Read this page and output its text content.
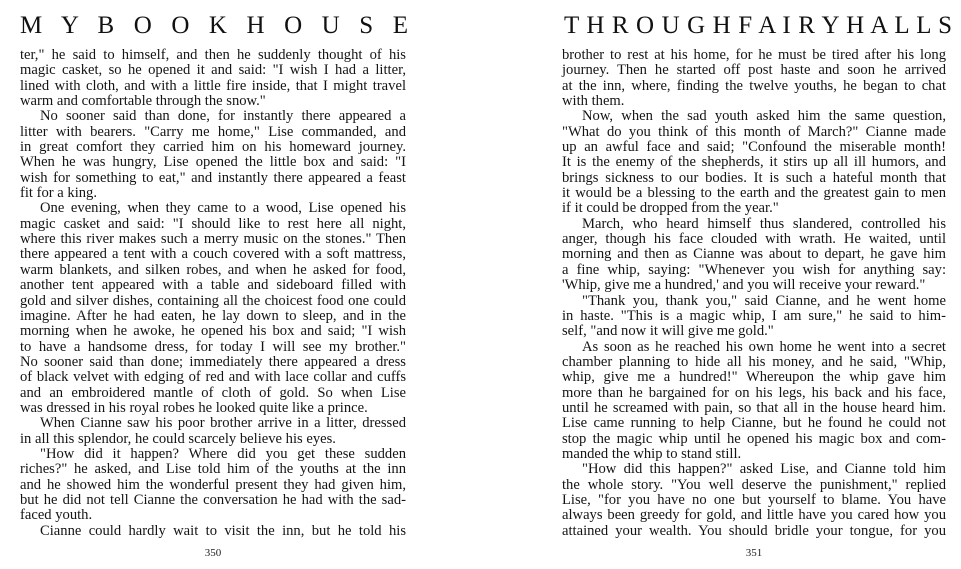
M Y B O O K H O U S E
ter," he said to himself, and then he suddenly thought of his
magic casket, so he opened it and said: "I wish I had a litter,
lined with cloth, and with a little fire inside, that I might travel
warm and comfortable through the snow."
No sooner said than done, for instantly there appeared a
litter with bearers. "Carry me home," Lise commanded, and
in great comfort they carried him on his homeward journey.
When he was hungry, Lise opened the little box and said: "I
wish for something to eat," and instantly there appeared a feast
fit for a king.
One evening, when they came to a wood, Lise opened his
magic casket and said: "I should like to rest here all night,
where this river makes such a merry music on the stones." Then
there appeared a tent with a couch covered with a soft mattress,
warm blankets, and silken robes, and when he asked for food,
another tent appeared with a table and sideboard filled with
gold and silver dishes, containing all the choicest food one could
imagine. After he had eaten, he lay down to sleep, and in the
morning when he awoke, he opened his box and said; "I wish
to have a handsome dress, for today I will see my brother."
No sooner said than done; immediately there appeared a dress
of black velvet with edging of red and with lace collar and cuffs
and an embroidered mantle of cloth of gold. So when Lise
was dressed in his royal robes he looked quite like a prince.
When Cianne saw his poor brother arrive in a litter, dressed
in all this splendor, he could scarcely believe his eyes.
"How did it happen? Where did you get these sudden
riches?" he asked, and Lise told him of the youths at the inn
and he showed him the wonderful present they had given him,
but he did not tell Cianne the conversation he had with the sad-
faced youth.
Cianne could hardly wait to visit the inn, but he told his
350
T H R O U G H F A I R Y H A L L S
brother to rest at his home, for he must be tired after his long
journey. Then he started off post haste and soon he arrived
at the inn, where, finding the twelve youths, he began to chat
with them.
Now, when the sad youth asked him the same question,
"What do you think of this month of March?" Cianne made
up an awful face and said; "Confound the miserable month!
It is the enemy of the shepherds, it stirs up all ill humors, and
brings sickness to our bodies. It is such a hateful month that
it would be a blessing to the earth and the greatest gain to men
if it could be dropped from the year."
March, who heard himself thus slandered, controlled his
anger, though his face clouded with wrath. He waited, until
morning and then as Cianne was about to depart, he gave him
a fine whip, saying: "Whenever you wish for anything say:
'Whip, give me a hundred,' and you will receive your reward."
"Thank you, thank you," said Cianne, and he went home
in haste. "This is a magic whip, I am sure," he said to him-
self, "and now it will give me gold."
As soon as he reached his own home he went into a secret
chamber planning to hide all his money, and he said, "Whip,
whip, give me a hundred!" Whereupon the whip gave him
more than he bargained for on his legs, his back and his face,
until he screamed with pain, so that all in the house heard him.
Lise came running to help Cianne, but he found he could not
stop the magic whip until he opened his magic box and com-
manded the whip to stand still.
"How did this happen?" asked Lise, and Cianne told him
the whole story. "You well deserve the punishment," replied
Lise, "for you have no one but yourself to blame. You have
always been greedy for gold, and little have you cared how you
attained your wealth. You should bridle your tongue, for you
351
